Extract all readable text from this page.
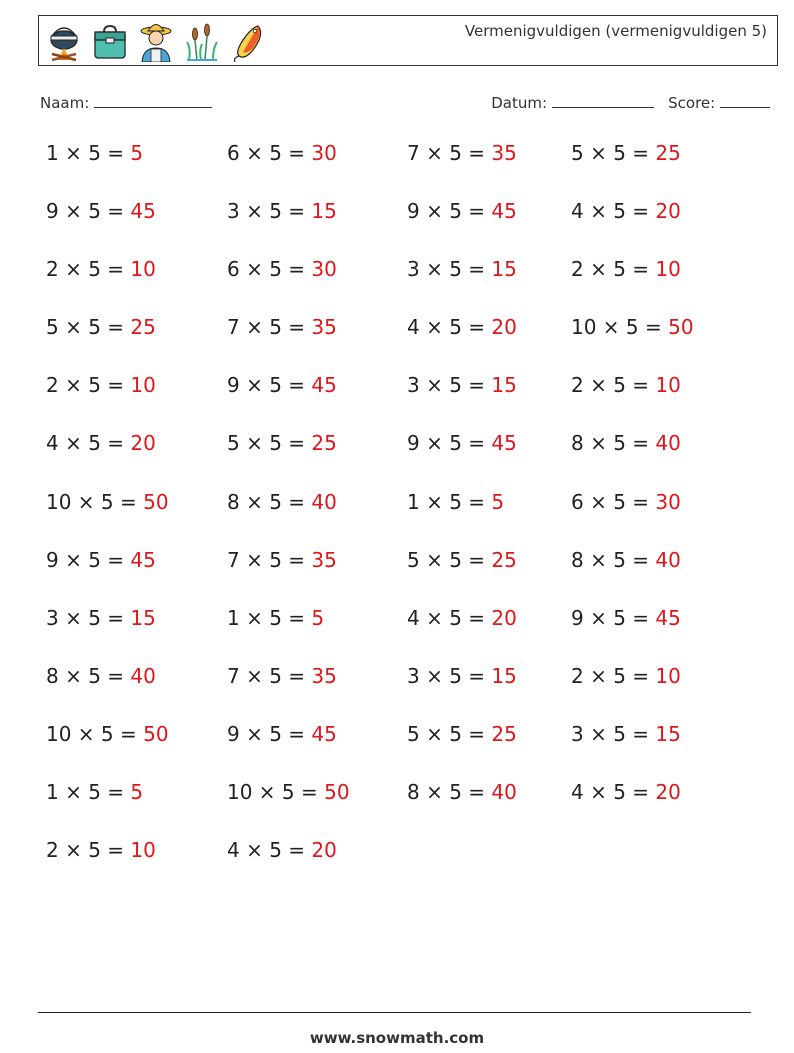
Vermenigvuldigen (vermenigvuldigen 5)
Naam:	Datum:	Score:
1 × 5 = 5	6 × 5 = 30	7 × 5 = 35	5 × 5 = 25
9 × 5 = 45	3 × 5 = 15	9 × 5 = 45	4 × 5 = 20
2 × 5 = 10	6 × 5 = 30	3 × 5 = 15	2 × 5 = 10
5 × 5 = 25	7 × 5 = 35	4 × 5 = 20	10 × 5 = 50
2 × 5 = 10	9 × 5 = 45	3 × 5 = 15	2 × 5 = 10
4 × 5 = 20	5 × 5 = 25	9 × 5 = 45	8 × 5 = 40
10 × 5 = 50	8 × 5 = 40	1 × 5 = 5	6 × 5 = 30
9 × 5 = 45	7 × 5 = 35	5 × 5 = 25	8 × 5 = 40
3 × 5 = 15	1 × 5 = 5	4 × 5 = 20	9 × 5 = 45
8 × 5 = 40	7 × 5 = 35	3 × 5 = 15	2 × 5 = 10
10 × 5 = 50	9 × 5 = 45	5 × 5 = 25	3 × 5 = 15
1 × 5 = 5	10 × 5 = 50	8 × 5 = 40	4 × 5 = 20
2 × 5 = 10	4 × 5 = 20
www.snowmath.com
